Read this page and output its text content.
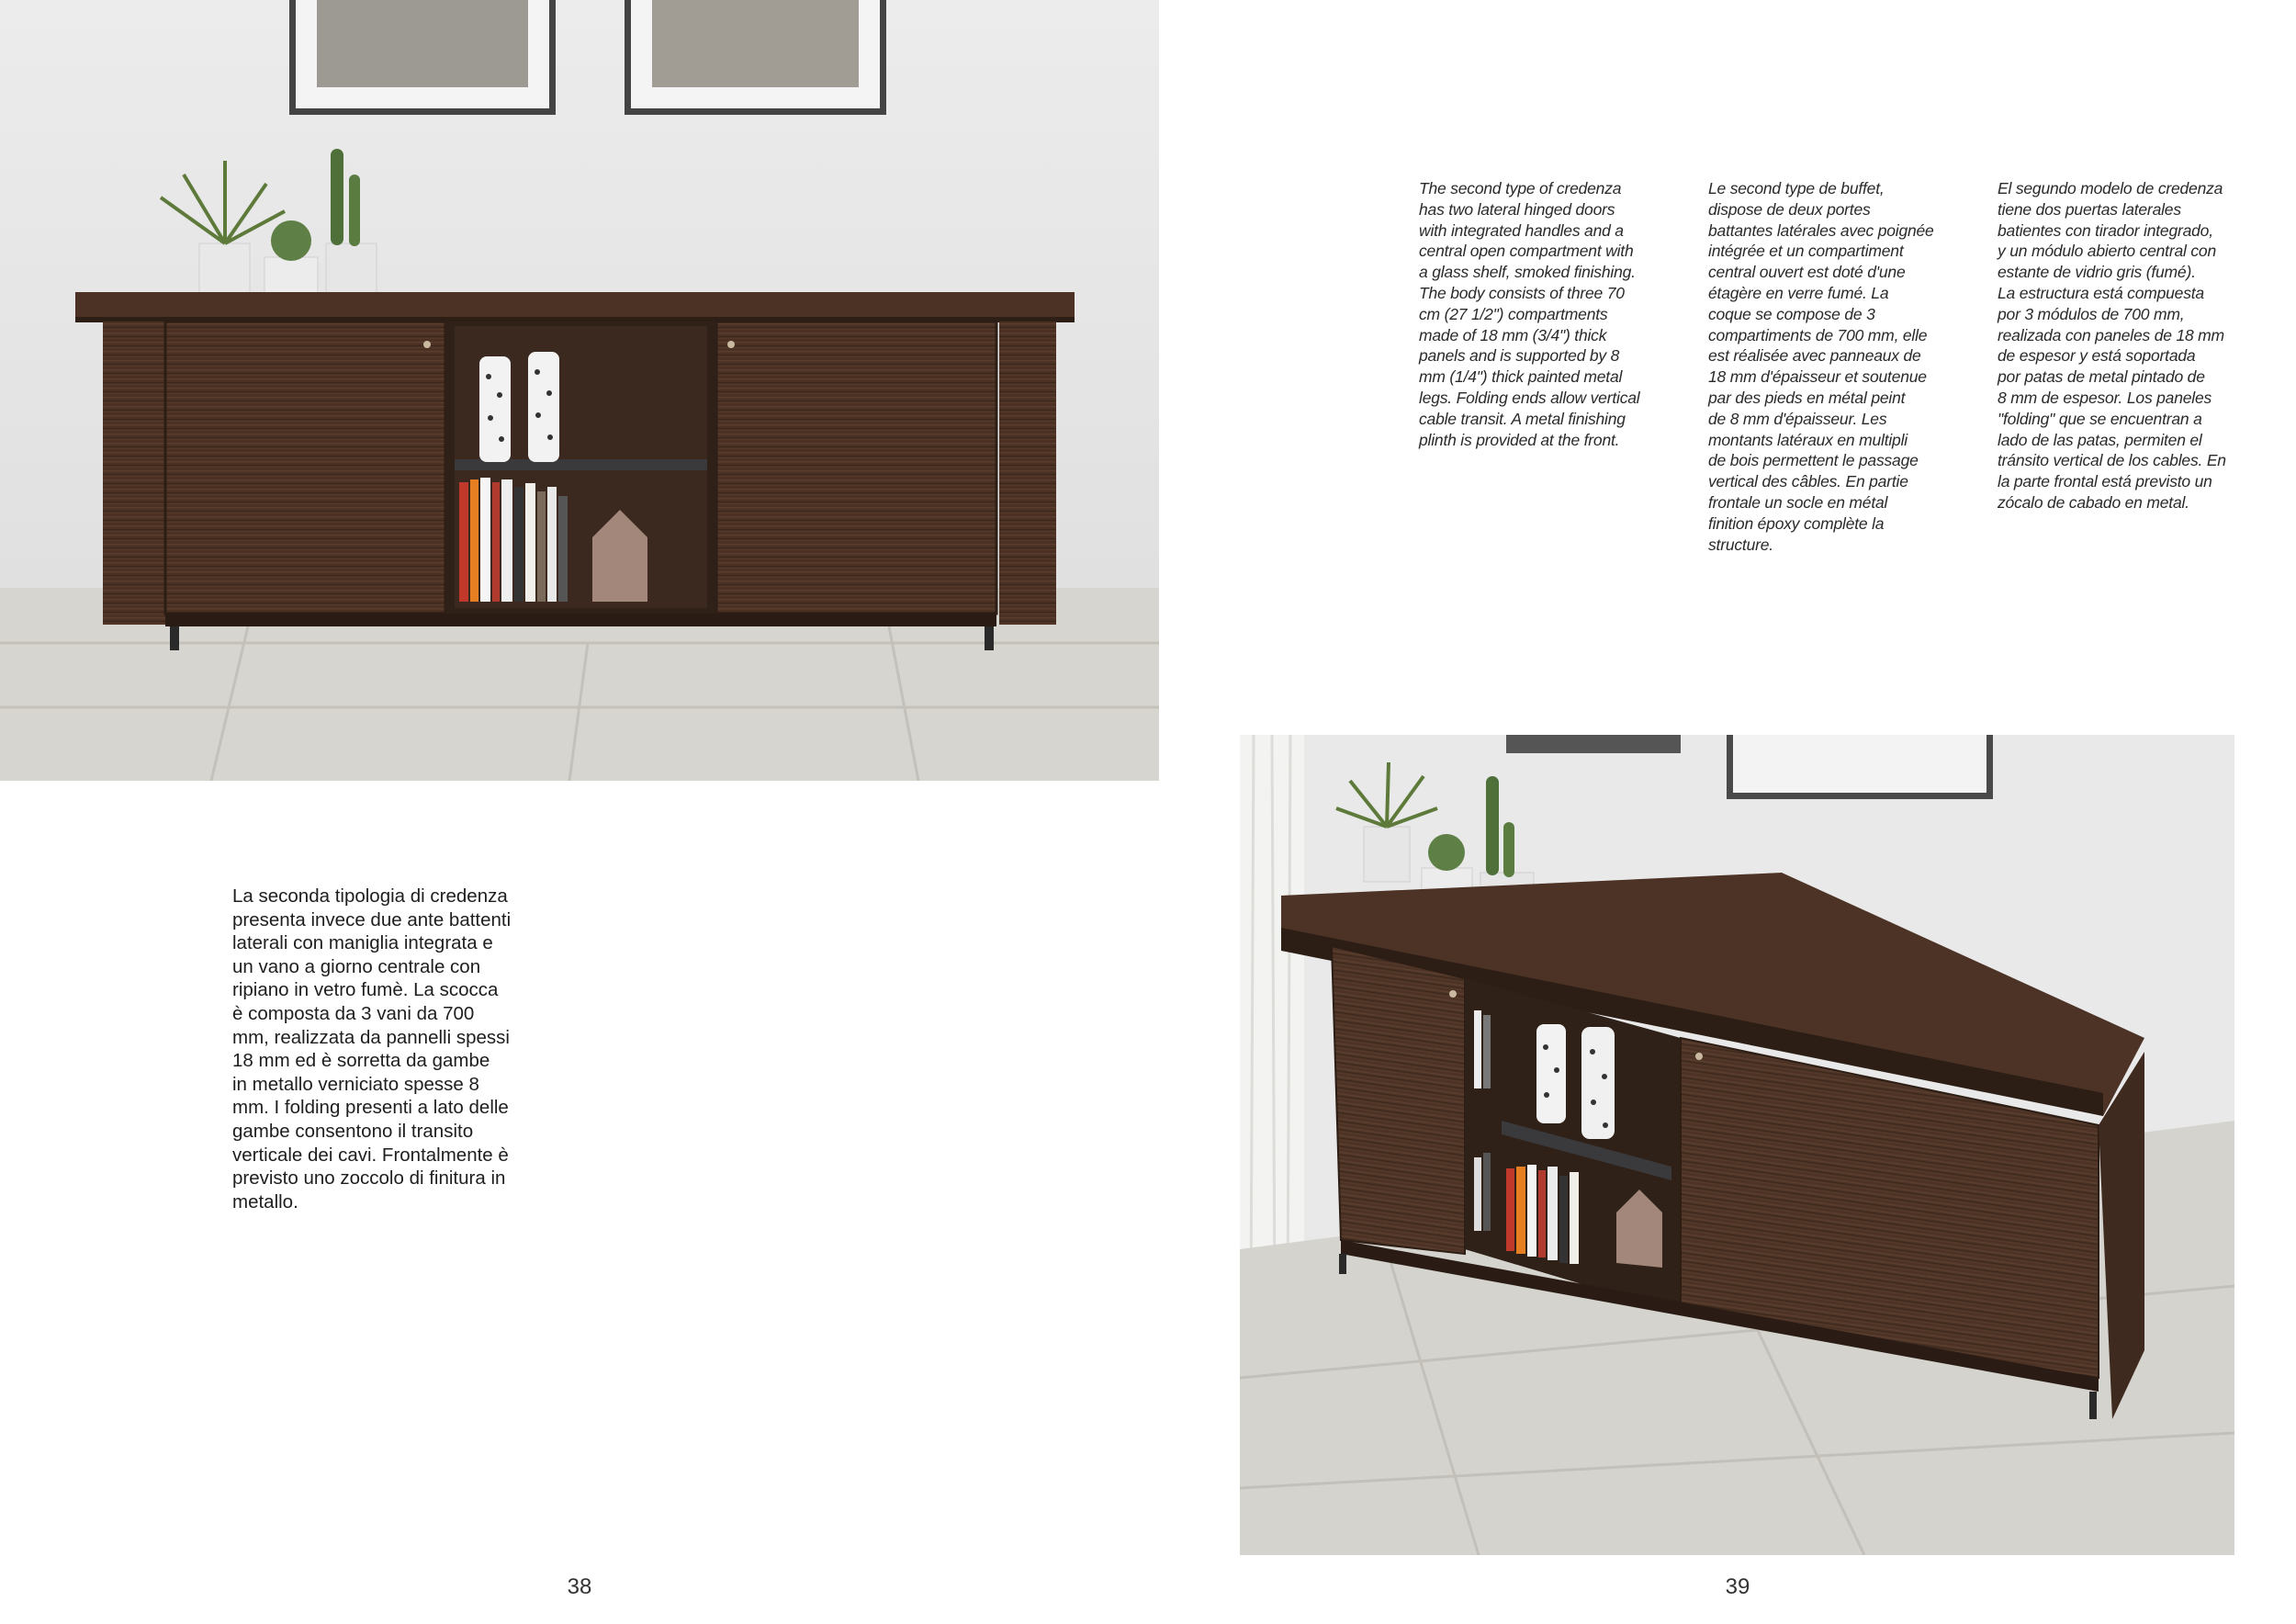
The second type of credenza
has two lateral hinged doors
with integrated handles and a
central open compartment with
a glass shelf, smoked finishing.
The body consists of three 70
cm (27 1/2") compartments
made of 18 mm (3/4") thick
panels and is supported by 8
mm (1/4") thick painted metal
legs. Folding ends allow vertical
cable transit. A metal finishing
plinth is provided at the front.

Le second type de buffet,
dispose de deux portes
battantes latérales avec poignée
intégrée et un compartiment
central ouvert est doté d'une
étagère en verre fumé. La
coque se compose de 3
compartiments de 700 mm, elle
est réalisée avec panneaux de
18 mm d'épaisseur et soutenue
par des pieds en métal peint
de 8 mm d'épaisseur. Les
montants latéraux en multipli
de bois permettent le passage
vertical des câbles. En partie
frontale un socle en métal
finition époxy complète la
structure.

El segundo modelo de credenza
tiene dos puertas laterales
batientes con tirador integrado,
y un módulo abierto central con
estante de vidrio gris (fumé).
La estructura está compuesta
por 3 módulos de 700 mm,
realizada con paneles de 18 mm
de espesor y está soportada
por patas de metal pintado de
8 mm de espesor. Los paneles
"folding" que se encuentran a
lado de las patas, permiten el
tránsito vertical de los cables. En
la parte frontal está previsto un
zócalo de cabado en metal.

La seconda tipologia di credenza
presenta invece due ante battenti
laterali con maniglia integrata e
un vano a giorno centrale con
ripiano in vetro fumè. La scocca
è composta da 3 vani da 700
mm, realizzata da pannelli spessi
18 mm ed è sorretta da gambe
in metallo verniciato spesse 8
mm. I folding presenti a lato delle
gambe consentono il transito
verticale dei cavi. Frontalmente è
previsto uno zoccolo di finitura in
metallo.

38	39
